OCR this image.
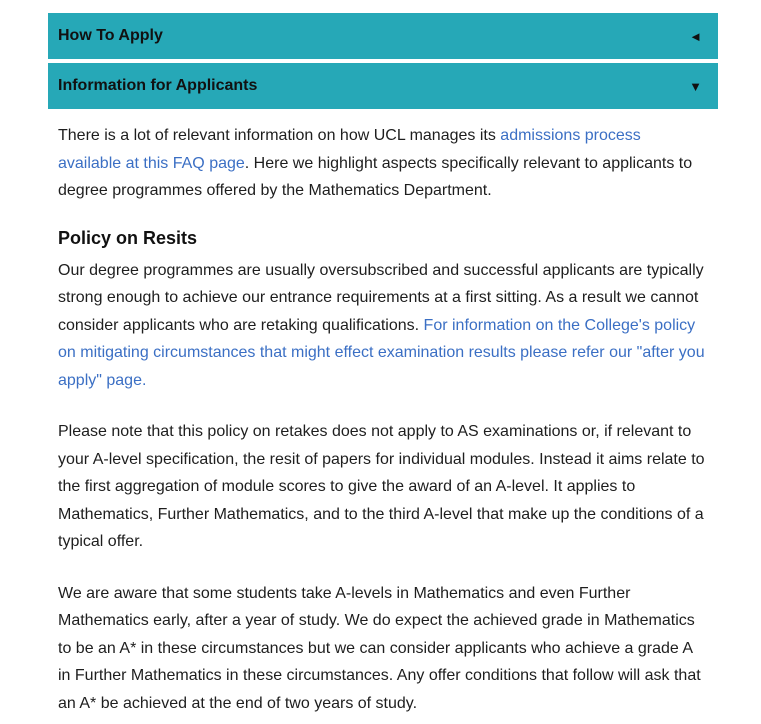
How To Apply	◄
Information for Applicants	▼

There is a lot of relevant information on how UCL manages its admissions process available at this FAQ page. Here we highlight aspects specifically relevant to applicants to degree programmes offered by the Mathematics Department.

Policy on Resits

Our degree programmes are usually oversubscribed and successful applicants are typically strong enough to achieve our entrance requirements at a first sitting. As a result we cannot consider applicants who are retaking qualifications. For information on the College's policy on mitigating circumstances that might effect examination results please refer our "after you apply" page.

Please note that this policy on retakes does not apply to AS examinations or, if relevant to your A-level specification, the resit of papers for individual modules. Instead it aims relate to the first aggregation of module scores to give the award of an A-level. It applies to Mathematics, Further Mathematics, and to the third A-level that make up the conditions of a typical offer.

We are aware that some students take A-levels in Mathematics and even Further Mathematics early, after a year of study. We do expect the achieved grade in Mathematics to be an A* in these circumstances but we can consider applicants who achieve a grade A in Further Mathematics in these circumstances. Any offer conditions that follow will ask that an A* be achieved at the end of two years of study.
